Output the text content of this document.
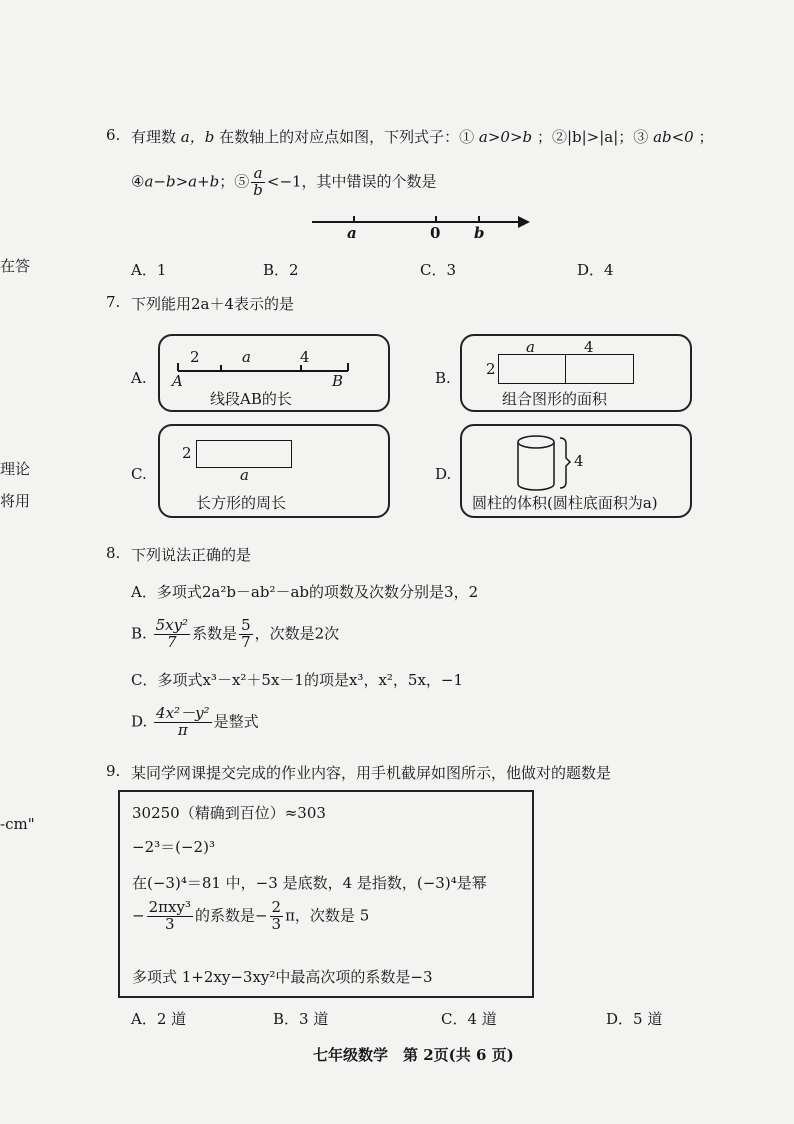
在答
理论
将用
-cm"
6. 有理数 a，b 在数轴上的对应点如图，下列式子：① a>0>b ；②|b|>|a|；③ ab<0 ；
④a−b>a+b；⑤ $\frac{a}{b} <-1$，其中错误的个数是
a	0 b
A．1	B．2	C．3	D．4
7. 下列能用2a＋4表示的是
A.
2	a	4
A	B
线段AB的长
B.
a	4
2
组合图形的面积
C.
2
a
长方形的周长
D.
4
圆柱的体积(圆柱底面积为a)
8. 下列说法正确的是
A．多项式2a²b－ab²－ab的项数及次数分别是3，2
B. $\frac{\text{5xy²}}{7}$ 系数是 $\frac{5}{7}$ ，次数是2次
C．多项式x³－x²＋5x－1的项是x³，x²，5x，−1
D. $\frac{\text{4x²－y²}}{\pi}$ 是整式
9. 某同学网课提交完成的作业内容，用手机截屏如图所示，他做对的题数是
30250（精确到百位）≈303
−2³＝(−2)³
在(−3)⁴＝81 中，−3 是底数，4 是指数，(−3)⁴是幂
− $\frac{\text{2πxy³}}{3}$ 的系数是− $\frac{2}{3}$ π，次数是 5
多项式 1+2xy−3xy²中最高次项的系数是−3
A．2 道	B．3 道	C．4 道	D．5 道
七年级数学　第 2页(共 6 页)
